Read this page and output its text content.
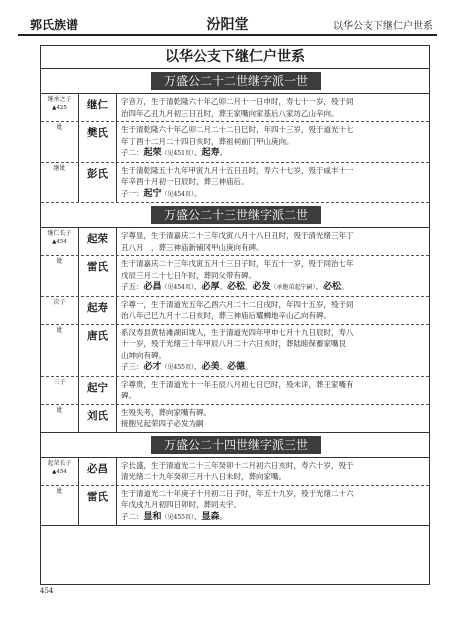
郭氏族谱	汾阳堂	以华公支下继仁户世系
以华公支下继仁户世系
万盛公二十二世继字派一世
继承之子
▲425	继仁	字音万，生于清乾隆六十年乙卯二月十一日申时，寿七十一岁，殁于同
治四年乙丑九月初三日丑时，葬王家嘴向家基后八家坊乙山辛向。
妣	樊氏	生于清乾隆六十年乙卯二月二十二日巳时，年四十三岁，殁于道光十七
年丁酉十二月二十四日亥时，葬祖祠前门甲山庚向。
子二：起荣（见451页）、起寿。
继妣	彭氏	生于清乾隆五十九年甲寅九月十五日丑时，寿六十七岁，殁于咸丰十一
年辛酉十月初一日辰时，葬三神庙后。
子一：起宁（见454页）。
万盛公二十三世继字派二世
继仁长子
▲454	起荣	字尊显，生于清嘉庆二十三年戊寅八月十八日丑时，殁于清光绪三年丁
丑八月　，葬三神庙新铺冈甲山庚向有碑。
妣	雷氏	生于清嘉庆二十三年戊寅五月十三日子时，年五十一岁，殁于同治七年
戊辰三月二十七日午时，葬同父带有碑。
子五：必昌（见454页）、必厚、必松、必发（承胞弟起宁嗣）、必松。
次子	起寿	字尊一，生于清道光五年乙酉六月二十二日戌时，年四十五岁，殁于同
治八年己巳九月十二日亥时，葬三神庙后耀蛳地辛山乙向有碑。
妣	唐氏	系汉寿县黄牯滩湖田垅人，生于清道光四年甲申七月十九日辰时，寿八
十一岁，殁于光绪三十年甲辰八月二十六日亥时，葬陆睦保蓄家嘴艮
山坤向有碑。
子三：必才（见455页）、必美、必德。
三子	起宁	字尊贵，生于清道光十一年壬辰八月初七日巳时，殁未详，葬王家嘴有
碑。
妣	刘氏	生殁失考，葬向家嘴有碑。
接胞兄起荣四子必发为嗣
万盛公二十四世继字派三世
起荣长子
▲454	必昌	字长盛，生于清道光二十三年癸卯十二月初六日亥时，寿六十岁，殁于
清光绪二十九年癸卯三月十八日未时，葬向家嘴。
妣	雷氏	生于清道光二十年庚子十月初二日子时，年五十九岁，殁于光绪二十六
年戊戌九月初四日卯时，葬同夫宇。
子二：显和（见455页）、显森。
454
